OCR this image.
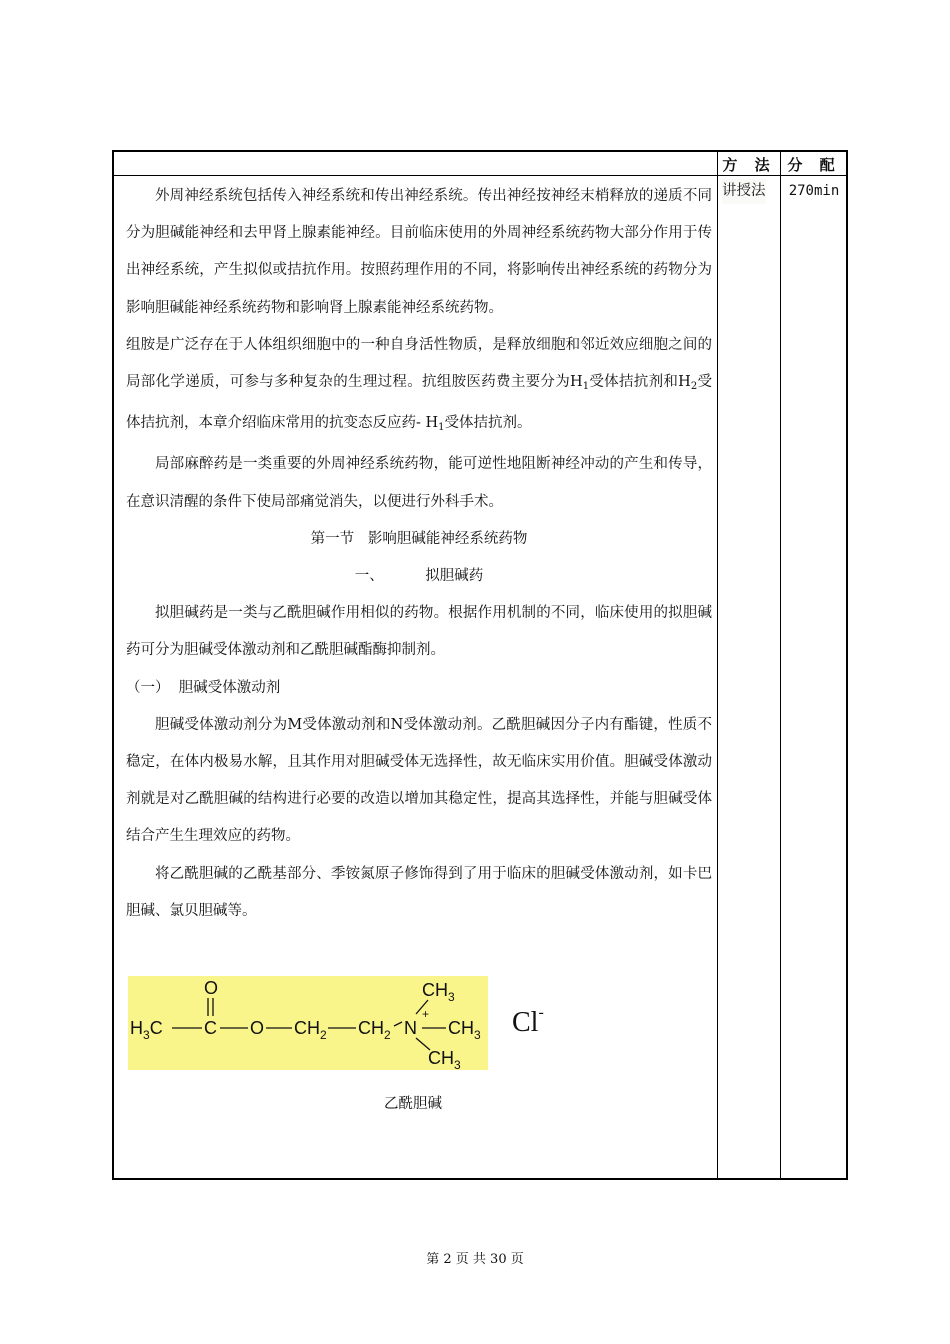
方 法 分 配

外周神经系统包括传入神经系统和传出神经系统。传出神经按神经末梢释放的递质不同分为胆碱能神经和去甲肾上腺素能神经。目前临床使用的外周神经系统药物大部分作用于传出神经系统，产生拟似或拮抗作用。按照药理作用的不同，将影响传出神经系统的药物分为影响胆碱能神经系统药物和影响肾上腺素能神经系统药物。

组胺是广泛存在于人体组织细胞中的一种自身活性物质，是释放细胞和邻近效应细胞之间的局部化学递质，可参与多种复杂的生理过程。抗组胺医药费主要分为$H_1$受体拮抗剂和$H_2$受体拮抗剂，本章介绍临床常用的抗变态反应药- $H_1$受体拮抗剂。

局部麻醉药是一类重要的外周神经系统药物，能可逆性地阻断神经冲动的产生和传导，在意识清醒的条件下使局部痛觉消失，以便进行外科手术。

第一节   影响胆碱能神经系统药物

一、         拟胆碱药

拟胆碱药是一类与乙酰胆碱作用相似的药物。根据作用机制的不同，临床使用的拟胆碱药可分为胆碱受体激动剂和乙酰胆碱酯酶抑制剂。

（一）  胆碱受体激动剂

胆碱受体激动剂分为M受体激动剂和N受体激动剂。乙酰胆碱因分子内有酯键，性质不稳定，在体内极易水解，且其作用对胆碱受体无选择性，故无临床实用价值。胆碱受体激动剂就是对乙酰胆碱的结构进行必要的改造以增加其稳定性，提高其选择性，并能与胆碱受体结合产生生理效应的药物。

将乙酰胆碱的乙酰基部分、季铵氮原子修饰得到了用于临床的胆碱受体激动剂，如卡巴胆碱、氯贝胆碱等。

讲授法	270min
$H_3C$ C
O
O $CH_2$ $CH_2$ N
+
$CH_3$
$CH_3$
$CH_3$
Cl-
乙酰胆碱
第 2 页 共 30 页
